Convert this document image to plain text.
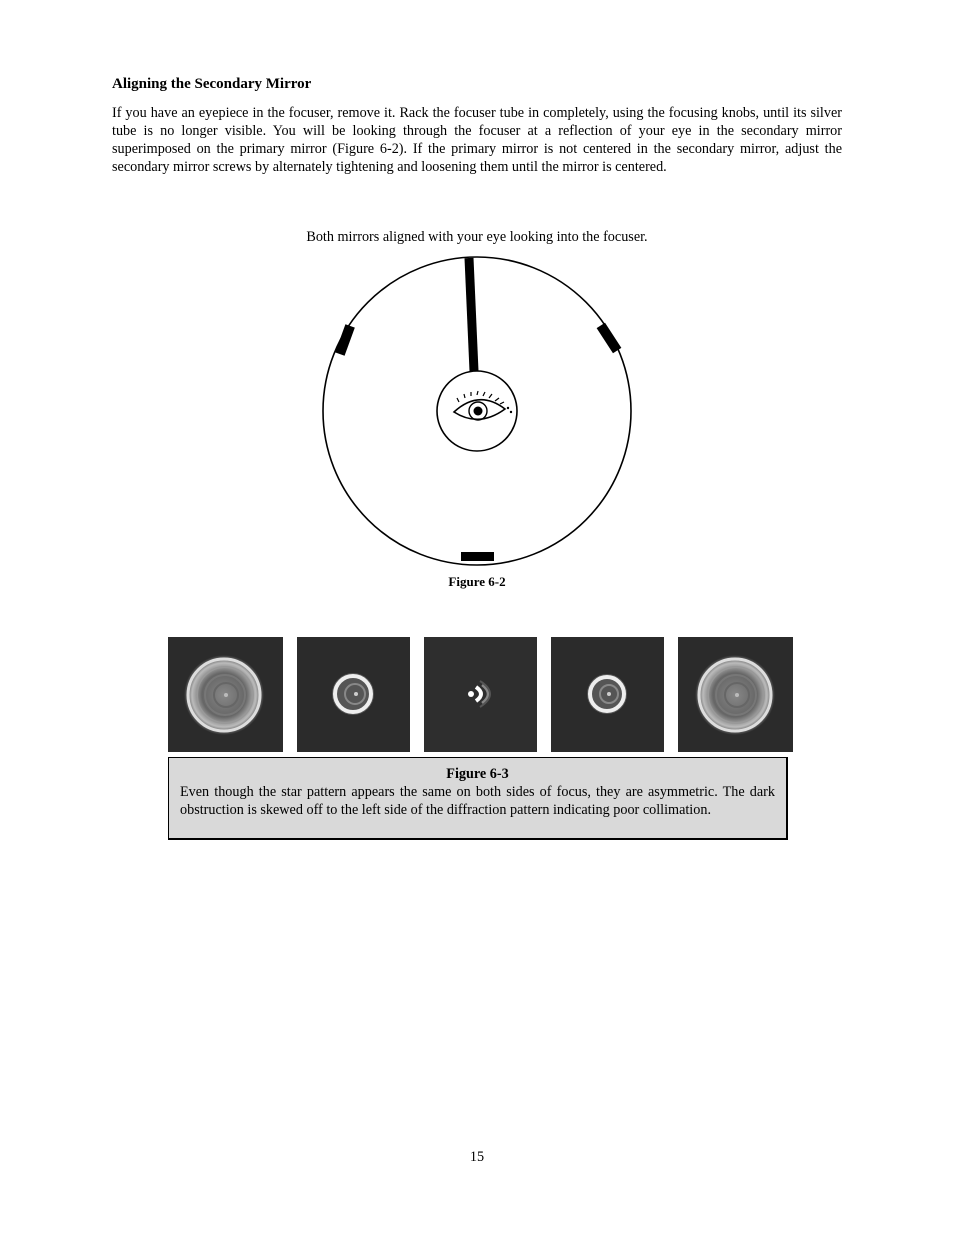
Aligning the Secondary Mirror

If you have an eyepiece in the focuser, remove it. Rack the focuser tube in completely, using the focusing knobs, until its silver tube is no longer visible. You will be looking through the focuser at a reflection of your eye in the secondary mirror superimposed on the primary mirror (Figure 6-2). If the primary mirror is not centered in the secondary mirror, adjust the secondary mirror screws by alternately tightening and loosening them until the mirror is centered.

Both mirrors aligned with your eye looking into the focuser.
Figure 6-2
Figure 6-3
Even though the star pattern appears the same on both sides of focus, they are asymmetric. The dark obstruction is skewed off to the left side of the diffraction pattern indicating poor collimation.
15
